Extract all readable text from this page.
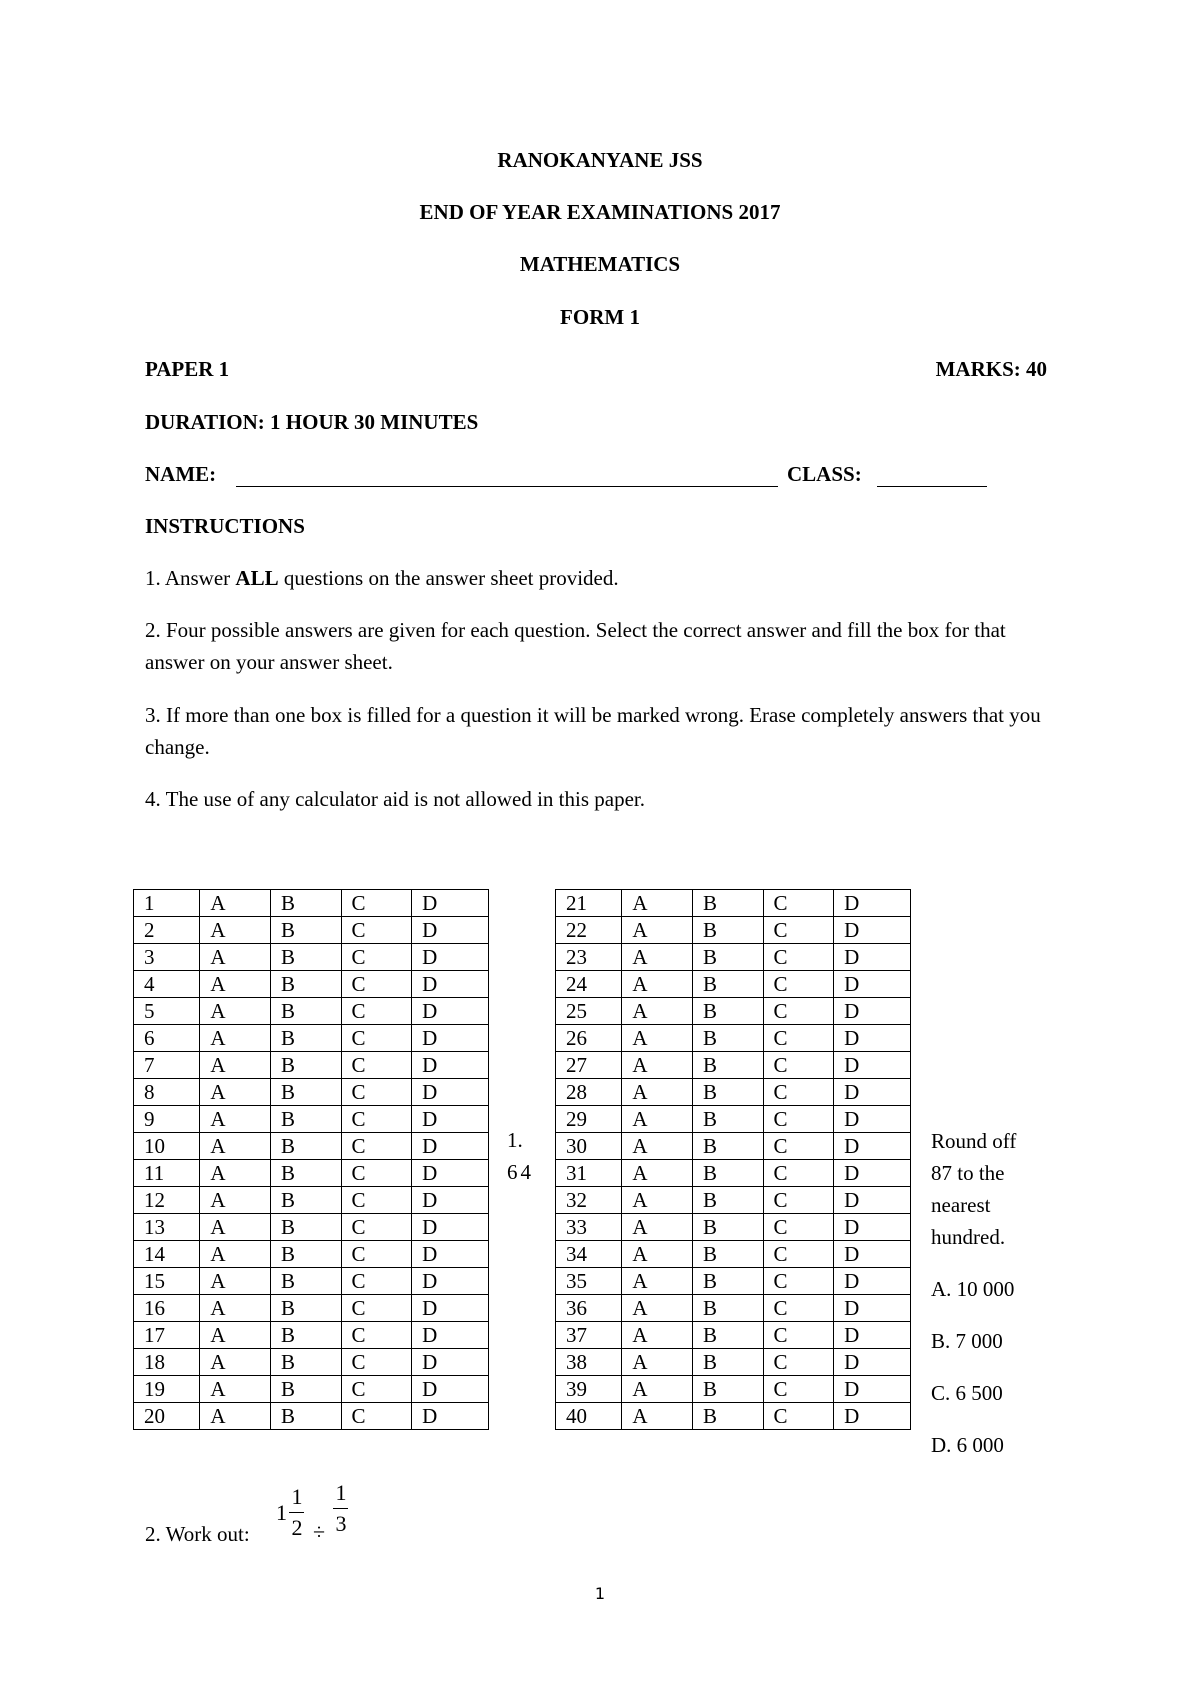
RANOKANYANE JSS
END OF YEAR EXAMINATIONS 2017
MATHEMATICS
FORM 1
PAPER 1	MARKS: 40
DURATION: 1 HOUR 30 MINUTES
NAME:	CLASS:
INSTRUCTIONS

1. Answer ALL questions on the answer sheet provided.

2. Four possible answers are given for each question. Select the correct answer and fill the box for that answer on your answer sheet.

3. If more than one box is filled for a question it will be marked wrong. Erase completely answers that you change.

4. The use of any calculator aid is not allowed in this paper.

1	A	B	C	D
2	A	B	C	D
3	A	B	C	D
4	A	B	C	D
5	A	B	C	D
6	A	B	C	D
7	A	B	C	D
8	A	B	C	D
9	A	B	C	D
10	A	B	C	D
11	A	B	C	D
12	A	B	C	D
13	A	B	C	D
14	A	B	C	D
15	A	B	C	D
16	A	B	C	D
17	A	B	C	D
18	A	B	C	D
19	A	B	C	D
20	A	B	C	D
1.
64
21	A	B	C	D
22	A	B	C	D
23	A	B	C	D
24	A	B	C	D
25	A	B	C	D
26	A	B	C	D
27	A	B	C	D
28	A	B	C	D
29	A	B	C	D
30	A	B	C	D
31	A	B	C	D
32	A	B	C	D
33	A	B	C	D
34	A	B	C	D
35	A	B	C	D
36	A	B	C	D
37	A	B	C	D
38	A	B	C	D
39	A	B	C	D
40	A	B	C	D
Round off
87 to the
nearest
hundred.
A. 10 000
B. 7 000
C. 6 500
D. 6 000
2. Work out:
1
1
2 ÷
1
3
1
